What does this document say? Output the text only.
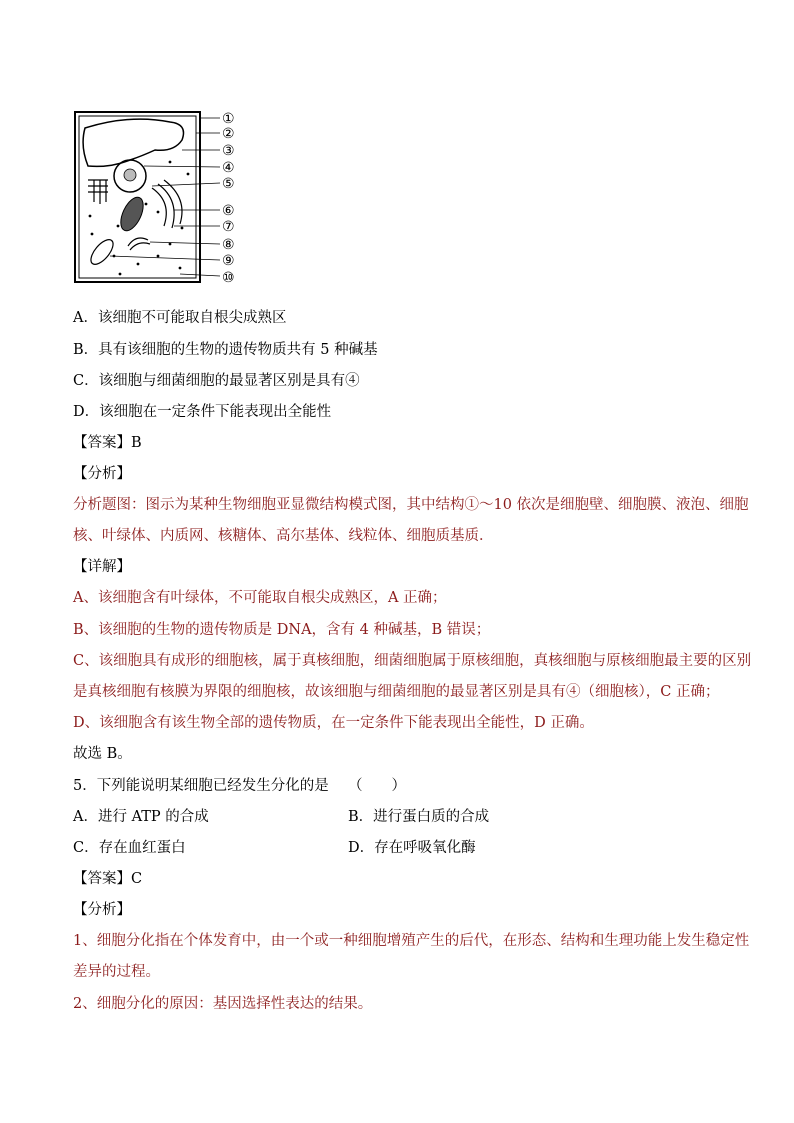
①
②
③
④
⑤
⑥
⑦
⑧
⑨
⑩
A．该细胞不可能取自根尖成熟区
B．具有该细胞的生物的遗传物质共有 5 种碱基
C．该细胞与细菌细胞的最显著区别是具有④
D．该细胞在一定条件下能表现出全能性
【答案】B
【分析】
分析题图：图示为某种生物细胞亚显微结构模式图，其中结构①～10 依次是细胞壁、细胞膜、液泡、细胞
核、叶绿体、内质网、核糖体、高尔基体、线粒体、细胞质基质．
【详解】
A、该细胞含有叶绿体，不可能取自根尖成熟区，A 正确；
B、该细胞的生物的遗传物质是 DNA，含有 4 种碱基，B 错误；
C、该细胞具有成形的细胞核，属于真核细胞，细菌细胞属于原核细胞，真核细胞与原核细胞最主要的区别
是真核细胞有核膜为界限的细胞核，故该细胞与细菌细胞的最显著区别是具有④（细胞核），C 正确；
D、该细胞含有该生物全部的遗传物质，在一定条件下能表现出全能性，D 正确。
故选 B。
5．下列能说明某细胞已经发生分化的是 （　　）
A．进行 ATP 的合成	B．进行蛋白质的合成
C．存在血红蛋白	D．存在呼吸氧化酶
【答案】C
【分析】
1、细胞分化指在个体发育中，由一个或一种细胞增殖产生的后代，在形态、结构和生理功能上发生稳定性
差异的过程。
2、细胞分化的原因：基因选择性表达的结果。
